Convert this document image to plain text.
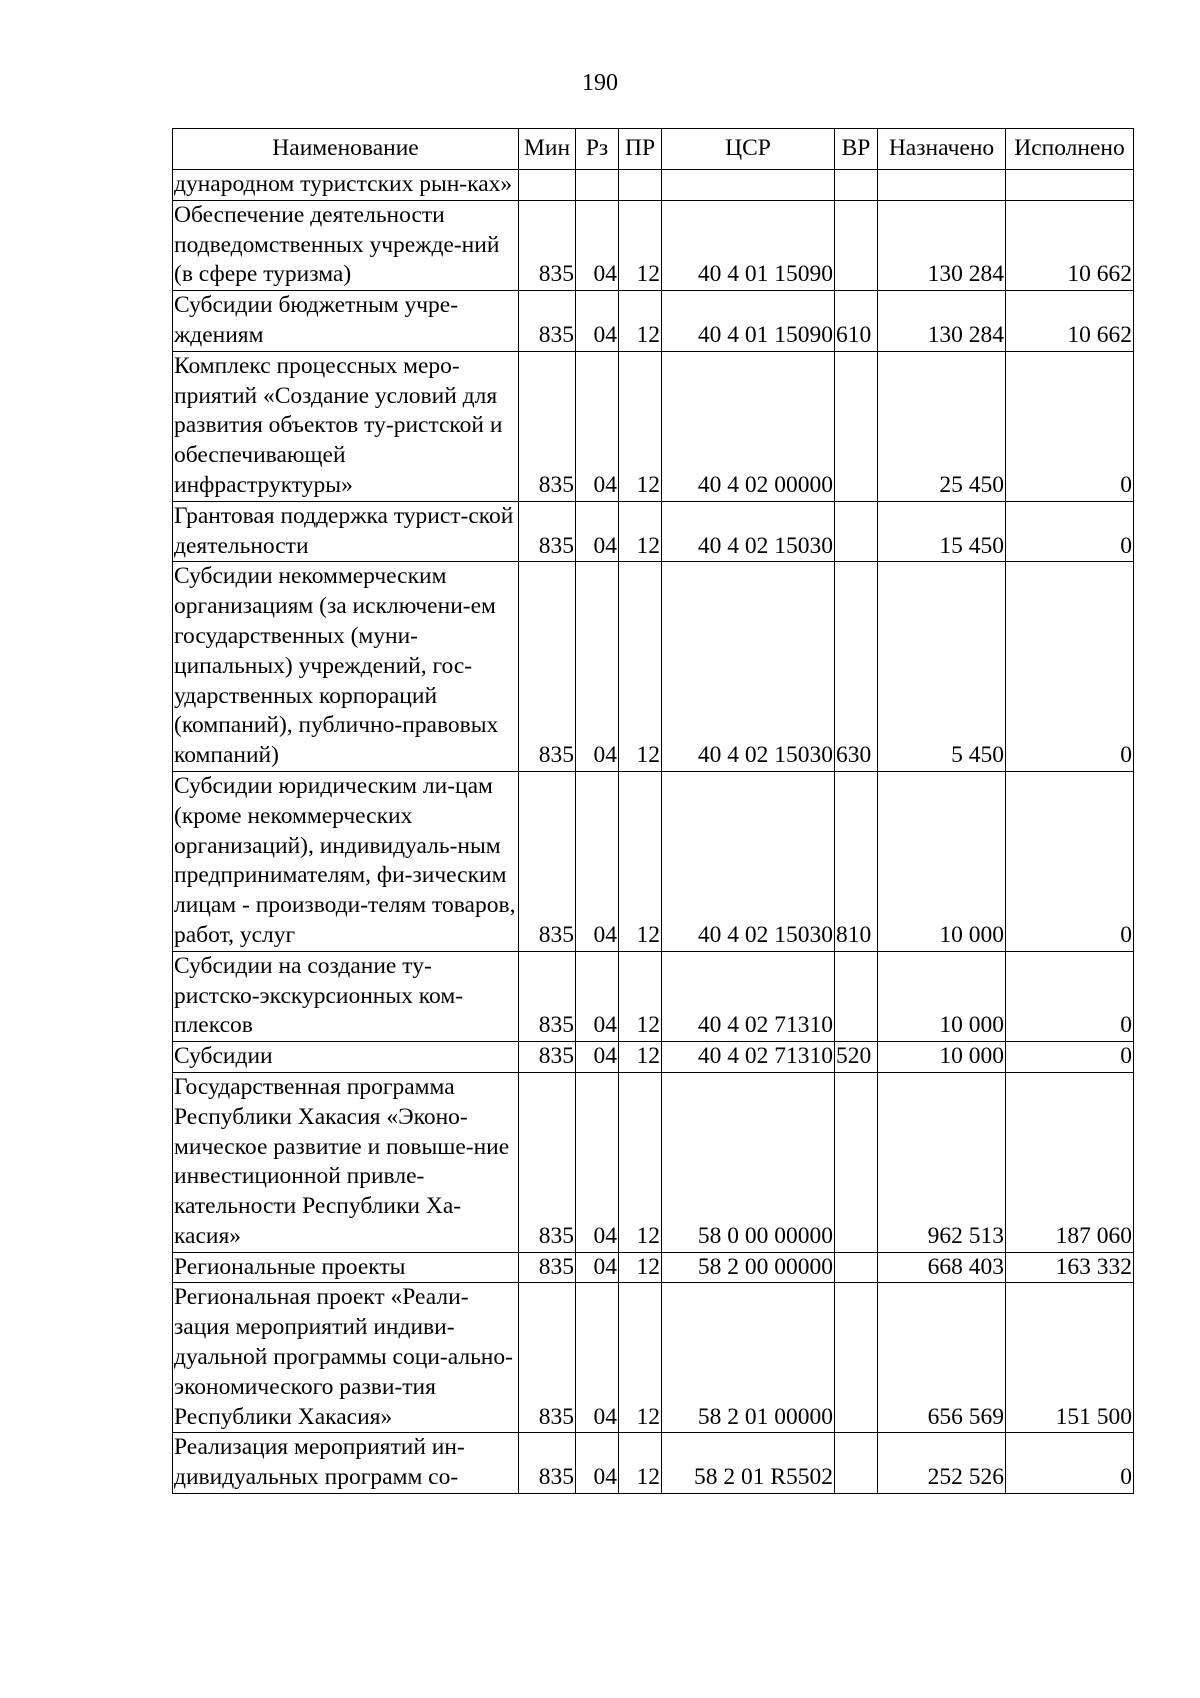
190
Наименование	Мин	Рз	ПР	ЦСР	ВР	Назначено	Исполнено
дународном туристских рын-ках»							
Обеспечение деятельности подведомственных учрежде-ний (в сфере туризма)	835	04	12	40 4 01 15090		130 284	10 662
Субсидии бюджетным учре-ждениям	835	04	12	40 4 01 15090	610	130 284	10 662
Комплекс процессных меро-приятий «Создание условий для развития объектов ту-ристской и обеспечивающей инфраструктуры»	835	04	12	40 4 02 00000		25 450	0
Грантовая поддержка турист-ской деятельности	835	04	12	40 4 02 15030		15 450	0
Субсидии некоммерческим организациям (за исключени-ем государственных (муни-ципальных) учреждений, гос-ударственных корпораций (компаний), публично-правовых компаний)	835	04	12	40 4 02 15030	630	5 450	0
Субсидии юридическим ли-цам (кроме некоммерческих организаций), индивидуаль-ным предпринимателям, фи-зическим лицам - производи-телям товаров, работ, услуг	835	04	12	40 4 02 15030	810	10 000	0
Субсидии на создание ту-ристско-экскурсионных ком-плексов	835	04	12	40 4 02 71310		10 000	0
Субсидии	835	04	12	40 4 02 71310	520	10 000	0
Государственная программа Республики Хакасия «Эконо-мическое развитие и повыше-ние инвестиционной привле-кательности Республики Ха-касия»	835	04	12	58 0 00 00000		962 513	187 060
Региональные проекты	835	04	12	58 2 00 00000		668 403	163 332
Региональная проект «Реали-зация мероприятий индиви-дуальной программы соци-ально-экономического разви-тия Республики Хакасия»	835	04	12	58 2 01 00000		656 569	151 500
Реализация мероприятий ин-дивидуальных программ со-	835	04	12	58 2 01 R5502		252 526	0
